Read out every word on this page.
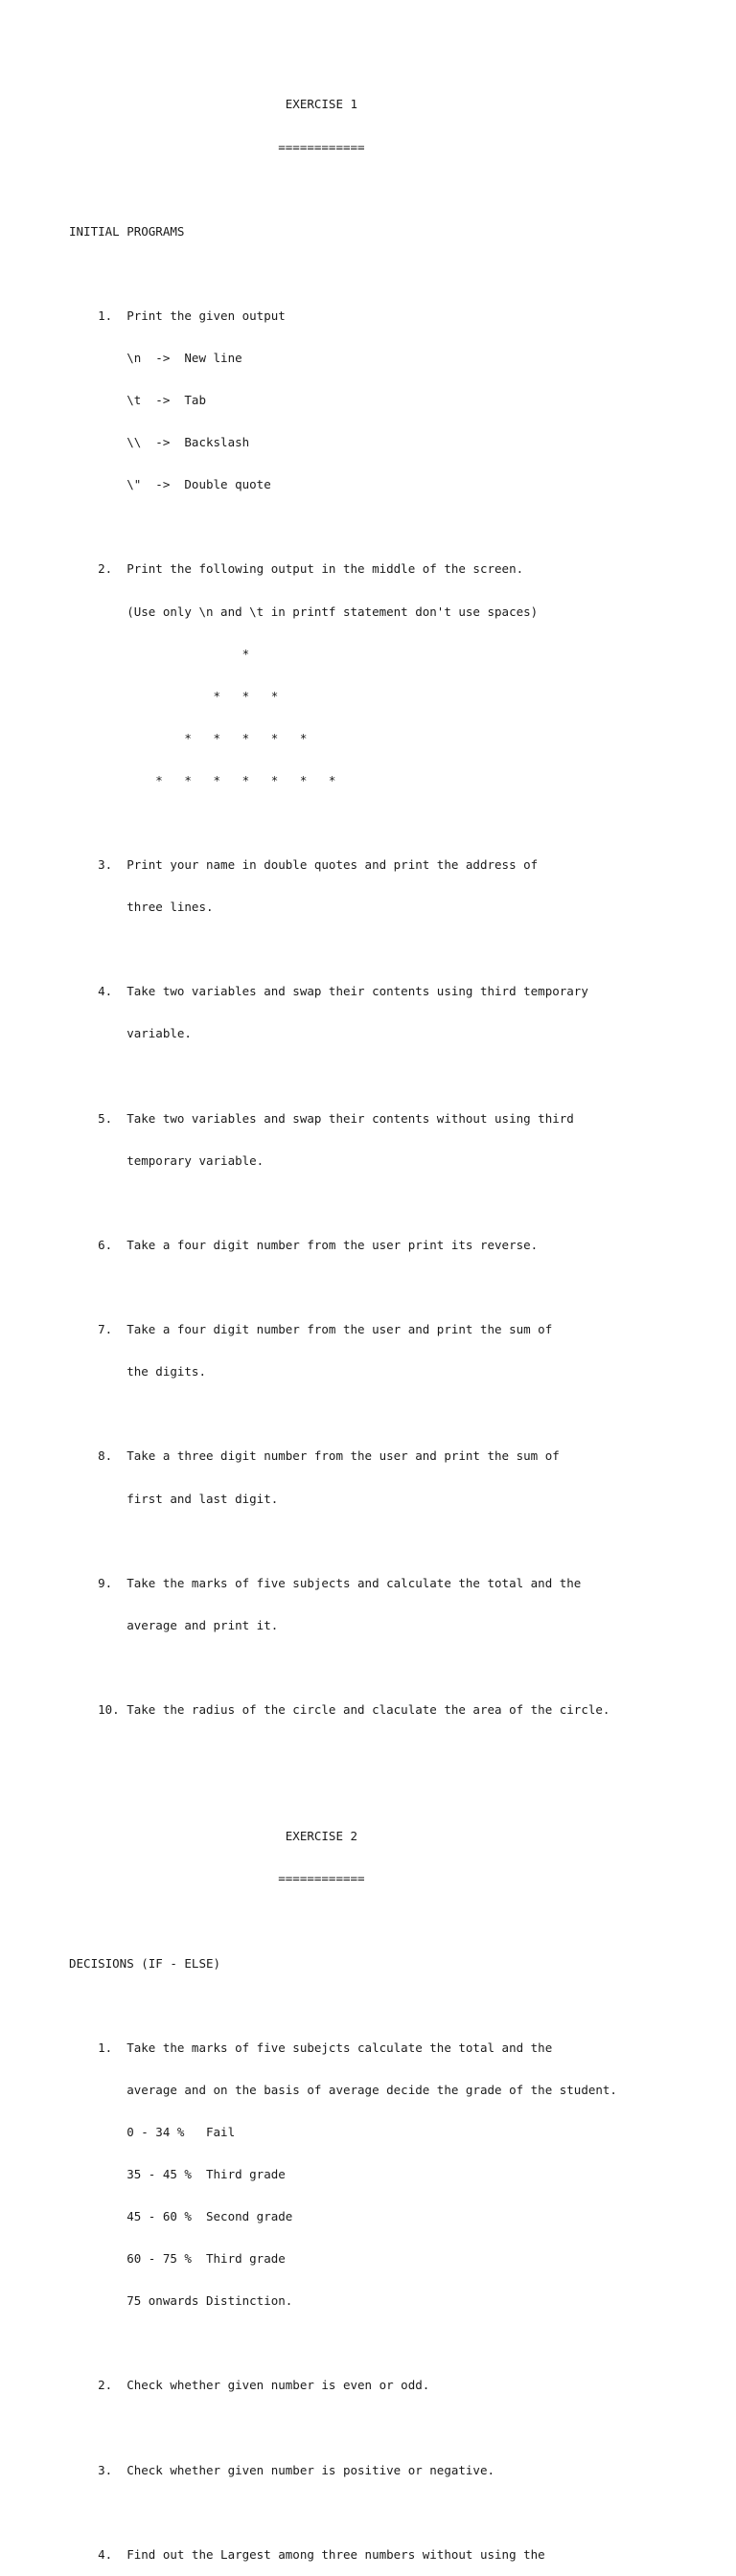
EXERCISE 1

============

INITIAL PROGRAMS

1.  Print the given output

\n  ->  New line

\t  ->  Tab

\\  ->  Backslash

\"  ->  Double quote

2.  Print the following output in the middle of the screen.

(Use only \n and \t in printf statement don't use spaces)

*

*   *   *

*   *   *   *   *

*   *   *   *   *   *   *

3.  Print your name in double quotes and print the address of

three lines.

4.  Take two variables and swap their contents using third temporary

variable.

5.  Take two variables and swap their contents without using third

temporary variable.

6.  Take a four digit number from the user print its reverse.

7.  Take a four digit number from the user and print the sum of

the digits.

8.  Take a three digit number from the user and print the sum of

first and last digit.

9.  Take the marks of five subjects and calculate the total and the

average and print it.

10. Take the radius of the circle and claculate the area of the circle.

EXERCISE 2

============

DECISIONS (IF - ELSE)

1.  Take the marks of five subejcts calculate the total and the

average and on the basis of average decide the grade of the student.

0 - 34 %   Fail

35 - 45 %  Third grade

45 - 60 %  Second grade

60 - 75 %  Third grade

75 onwards Distinction.

2.  Check whether given number is even or odd.

3.  Check whether given number is positive or negative.

4.  Find out the Largest among three numbers without using the
